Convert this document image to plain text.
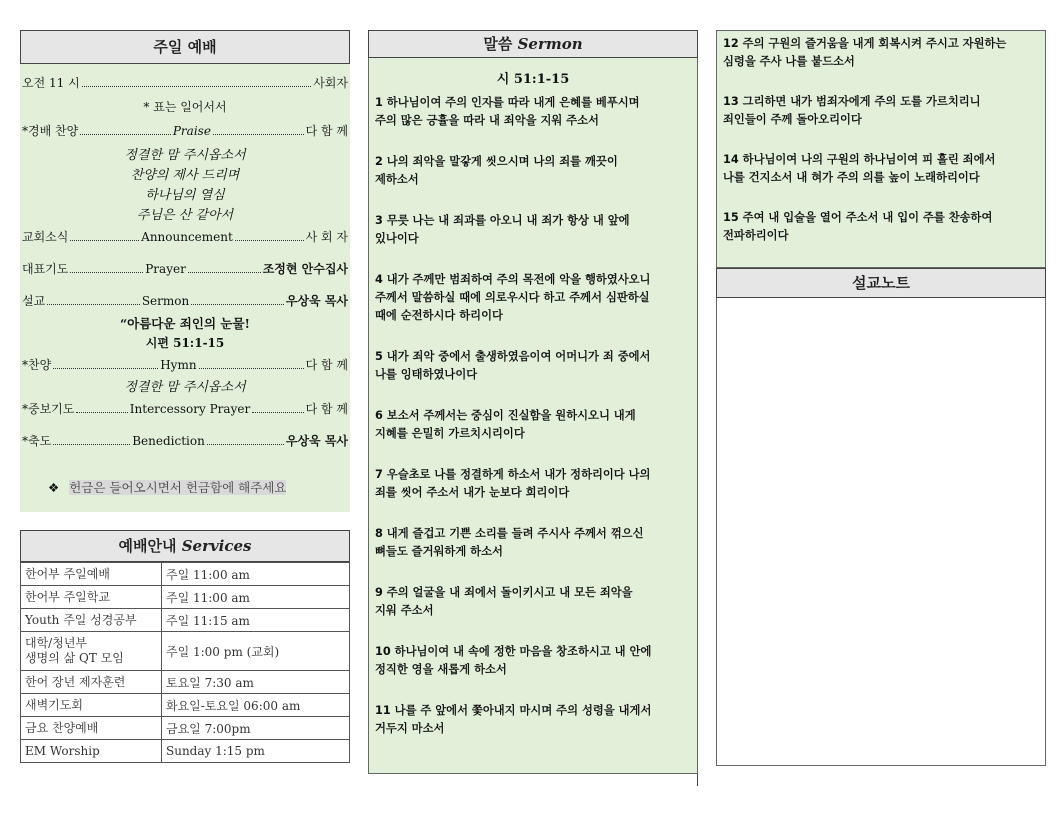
주일 예배
오전 11 시	사회자
* 표는 일어서서
*경배 찬양	Praise	다 함 께
정결한 맘 주시옵소서
찬양의 제사 드리며
하나님의 열심
주님은 산 같아서
교회소식	Announcement	사 회 자
대표기도	Prayer	조정현 안수집사
설교	Sermon	우상욱 목사
“아름다운 죄인의 눈물!
시편 51:1-15
*찬양	Hymn	다 함 께
정결한 맘 주시옵소서
*중보기도	Intercessory Prayer	다 함 께
*축도	Benediction	우상욱 목사
❖ 헌금은 들어오시면서 헌금함에 해주세요
예배안내 Services
한어부 주일예배	주일 11:00 am
한어부 주일학교	주일 11:00 am
Youth 주일 성경공부	주일 11:15 am
대학/청년부
생명의 삶 QT 모임	주일 1:00 pm (교회)
한어 장년 제자훈련	토요일 7:30 am
새벽기도회	화요일-토요일 06:00 am
금요 찬양예배	금요일 7:00pm
EM Worship	Sunday 1:15 pm
말씀 Sermon
시 51:1-15
1 하나님이여 주의 인자를 따라 내게 은혜를 베푸시며
주의 많은 긍휼을 따라 내 죄악을 지워 주소서
2 나의 죄악을 말갛게 씻으시며 나의 죄를 깨끗이
제하소서
3 무릇 나는 내 죄과를 아오니 내 죄가 항상 내 앞에
있나이다
4 내가 주께만 범죄하여 주의 목전에 악을 행하였사오니
주께서 말씀하실 때에 의로우시다 하고 주께서 심판하실
때에 순전하시다 하리이다
5 내가 죄악 중에서 출생하였음이여 어머니가 죄 중에서
나를 잉태하였나이다
6 보소서 주께서는 중심이 진실함을 원하시오니 내게
지혜를 은밀히 가르치시리이다
7 우슬초로 나를 정결하게 하소서 내가 정하리이다 나의
죄를 씻어 주소서 내가 눈보다 희리이다
8 내게 즐겁고 기쁜 소리를 들려 주시사 주께서 꺾으신
뼈들도 즐거워하게 하소서
9 주의 얼굴을 내 죄에서 돌이키시고 내 모든 죄악을
지워 주소서
10 하나님이여 내 속에 정한 마음을 창조하시고 내 안에
정직한 영을 새롭게 하소서
11 나를 주 앞에서 쫓아내지 마시며 주의 성령을 내게서
거두지 마소서
12 주의 구원의 즐거움을 내게 회복시켜 주시고 자원하는
심령을 주사 나를 붙드소서
13 그리하면 내가 범죄자에게 주의 도를 가르치리니
죄인들이 주께 돌아오리이다
14 하나님이여 나의 구원의 하나님이여 피 흘린 죄에서
나를 건지소서 내 혀가 주의 의를 높이 노래하리이다
15 주여 내 입술을 열어 주소서 내 입이 주를 찬송하여
전파하리이다
설교노트
